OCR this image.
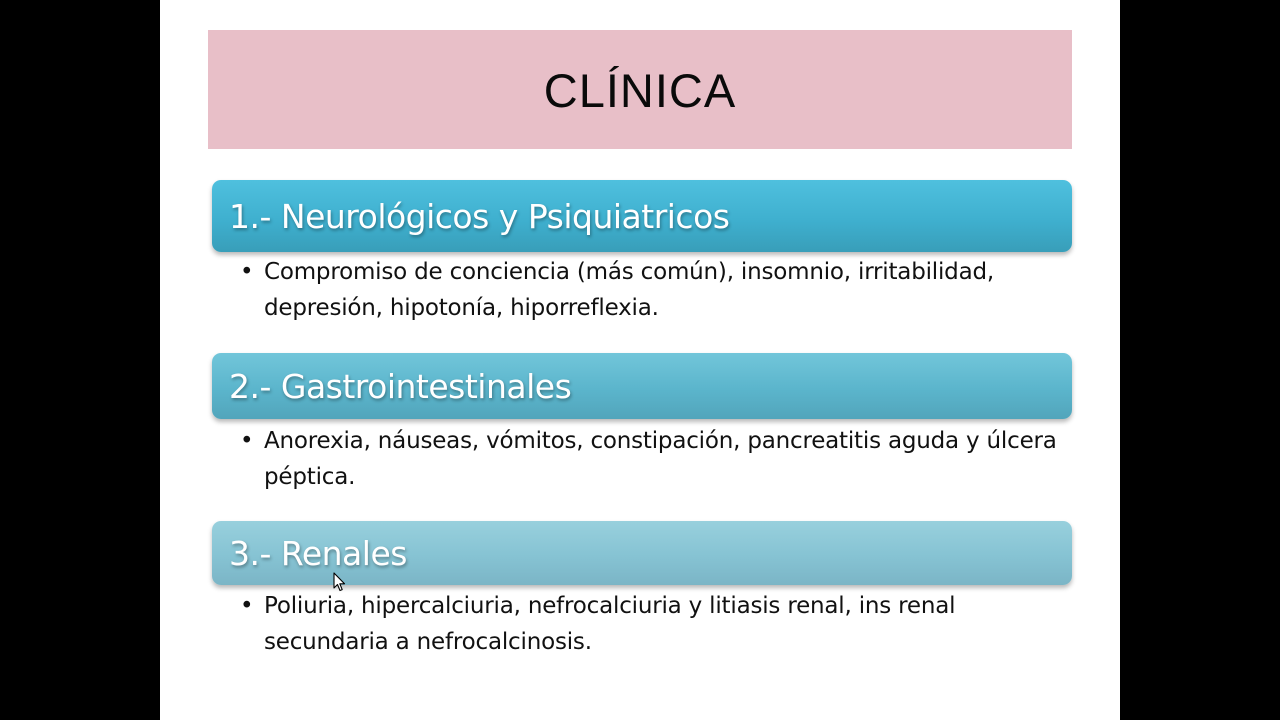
CLÍNICA
1.- Neurológicos y Psiquiatricos
• Compromiso de conciencia (más común), insomnio, irritabilidad, depresión, hipotonía, hiporreflexia.
2.- Gastrointestinales
• Anorexia, náuseas, vómitos, constipación, pancreatitis aguda y úlcera péptica.
3.- Renales
• Poliuria, hipercalciuria, nefrocalciuria y litiasis renal, ins renal secundaria a nefrocalcinosis.
